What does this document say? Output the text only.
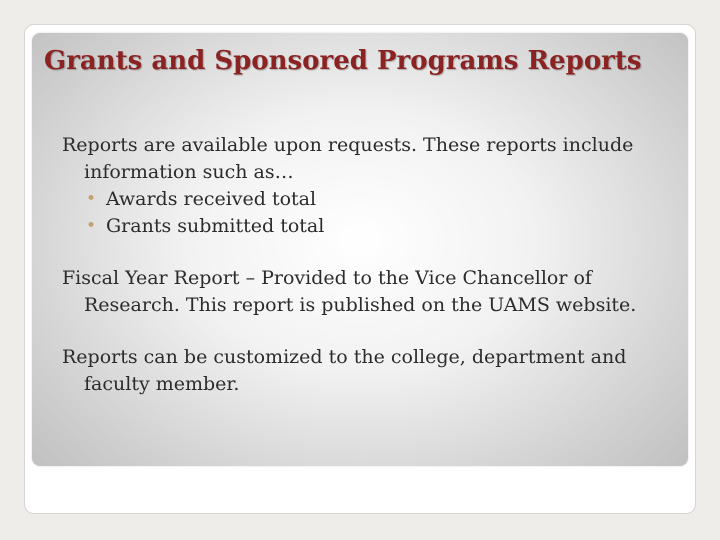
Grants and Sponsored Programs Reports

Reports are available upon requests. These reports include information such as…

• Awards received total
• Grants submitted total

Fiscal Year Report – Provided to the Vice Chancellor of Research. This report is published on the UAMS website.

Reports can be customized to the college, department and faculty member.
